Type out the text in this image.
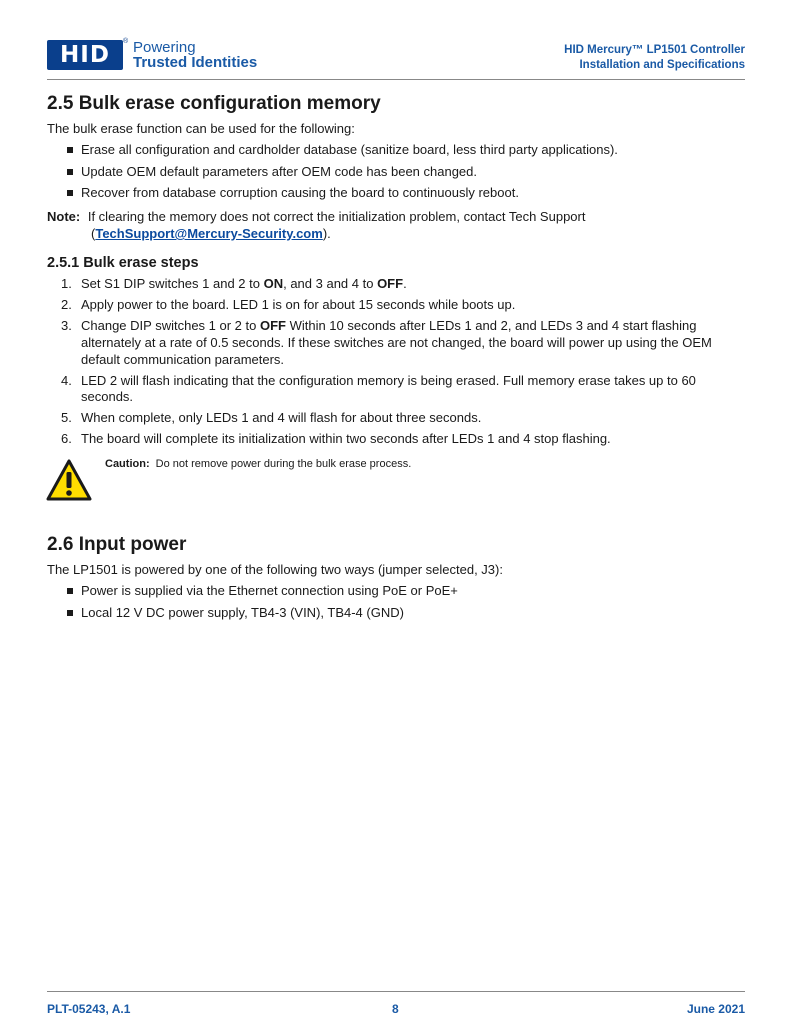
HID
® Powering
Trusted Identities
HID Mercury™ LP1501 Controller
Installation and Specifications
2.5 Bulk erase configuration memory
The bulk erase function can be used for the following:
Erase all configuration and cardholder database (sanitize board, less third party applications).
Update OEM default parameters after OEM code has been changed.
Recover from database corruption causing the board to continuously reboot.
Note: If clearing the memory does not correct the initialization problem, contact Tech Support
(TechSupport@Mercury-Security.com).
2.5.1 Bulk erase steps
1. Set S1 DIP switches 1 and 2 to ON, and 3 and 4 to OFF.
2. Apply power to the board. LED 1 is on for about 15 seconds while boots up.
3. Change DIP switches 1 or 2 to OFF Within 10 seconds after LEDs 1 and 2, and LEDs 3 and 4 start flashing alternately at a rate of 0.5 seconds. If these switches are not changed, the board will power up using the OEM default communication parameters.
4. LED 2 will flash indicating that the configuration memory is being erased. Full memory erase takes up to 60 seconds.
5. When complete, only LEDs 1 and 4 will flash for about three seconds.
6. The board will complete its initialization within two seconds after LEDs 1 and 4 stop flashing.
Caution: Do not remove power during the bulk erase process.
2.6 Input power
The LP1501 is powered by one of the following two ways (jumper selected, J3):
Power is supplied via the Ethernet connection using PoE or PoE+
Local 12 V DC power supply, TB4-3 (VIN), TB4-4 (GND)
PLT-05243, A.1	8	June 2021
